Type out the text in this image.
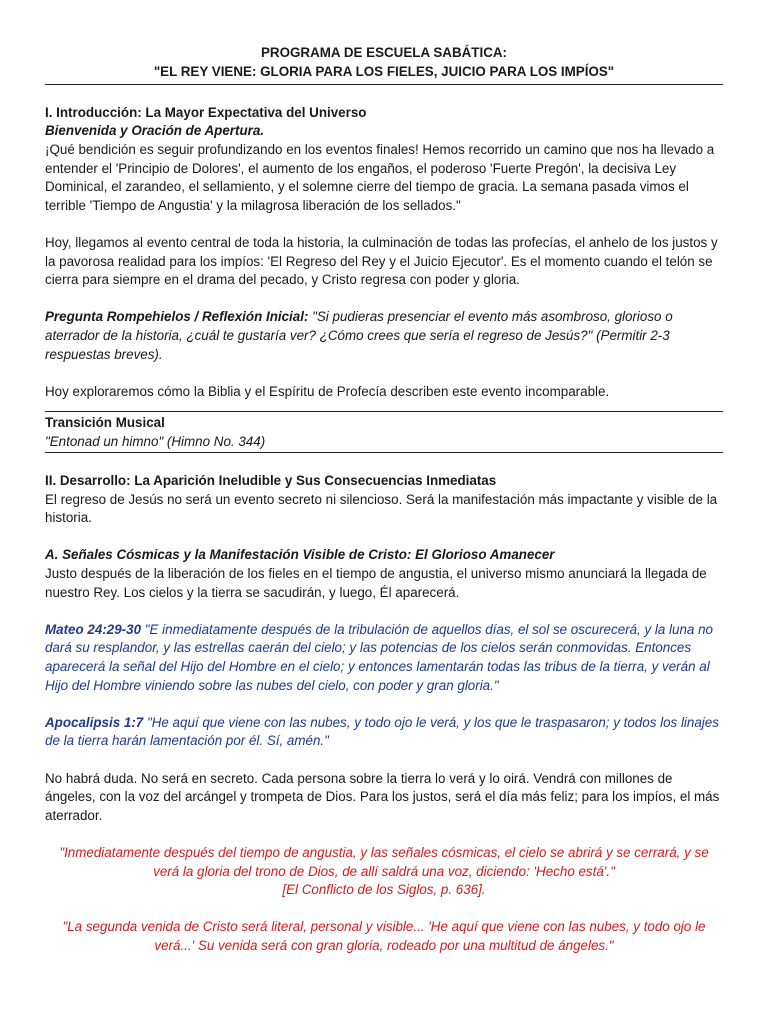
PROGRAMA DE ESCUELA SABÁTICA:

"EL REY VIENE: GLORIA PARA LOS FIELES, JUICIO PARA LOS IMPÍOS"

I. Introducción: La Mayor Expectativa del Universo

Bienvenida y Oración de Apertura.

¡Qué bendición es seguir profundizando en los eventos finales! Hemos recorrido un camino que nos ha llevado a entender el 'Principio de Dolores', el aumento de los engaños, el poderoso 'Fuerte Pregón', la decisiva Ley Dominical, el zarandeo, el sellamiento, y el solemne cierre del tiempo de gracia. La semana pasada vimos el terrible 'Tiempo de Angustia' y la milagrosa liberación de los sellados."

Hoy, llegamos al evento central de toda la historia, la culminación de todas las profecías, el anhelo de los justos y la pavorosa realidad para los impíos: 'El Regreso del Rey y el Juicio Ejecutor'. Es el momento cuando el telón se cierra para siempre en el drama del pecado, y Cristo regresa con poder y gloria.

Pregunta Rompehielos / Reflexión Inicial: "Si pudieras presenciar el evento más asombroso, glorioso o aterrador de la historia, ¿cuál te gustaría ver? ¿Cómo crees que sería el regreso de Jesús?" (Permitir 2-3 respuestas breves).

Hoy exploraremos cómo la Biblia y el Espíritu de Profecía describen este evento incomparable.

Transición Musical

"Entonad un himno" (Himno No. 344)

II. Desarrollo: La Aparición Ineludible y Sus Consecuencias Inmediatas

El regreso de Jesús no será un evento secreto ni silencioso. Será la manifestación más impactante y visible de la historia.

A. Señales Cósmicas y la Manifestación Visible de Cristo: El Glorioso Amanecer

Justo después de la liberación de los fieles en el tiempo de angustia, el universo mismo anunciará la llegada de nuestro Rey. Los cielos y la tierra se sacudirán, y luego, Él aparecerá.

Mateo 24:29-30 "E inmediatamente después de la tribulación de aquellos días, el sol se oscurecerá, y la luna no dará su resplandor, y las estrellas caerán del cielo; y las potencias de los cielos serán conmovidas. Entonces aparecerá la señal del Hijo del Hombre en el cielo; y entonces lamentarán todas las tribus de la tierra, y verán al Hijo del Hombre viniendo sobre las nubes del cielo, con poder y gran gloria."

Apocalipsis 1:7 "He aquí que viene con las nubes, y todo ojo le verá, y los que le traspasaron; y todos los linajes de la tierra harán lamentación por él. Sí, amén."

No habrá duda. No será en secreto. Cada persona sobre la tierra lo verá y lo oirá. Vendrá con millones de ángeles, con la voz del arcángel y trompeta de Dios. Para los justos, será el día más feliz; para los impíos, el más aterrador.

"Inmediatamente después del tiempo de angustia, y las señales cósmicas, el cielo se abrirá y se cerrará, y se verá la gloria del trono de Dios, de allí saldrá una voz, diciendo: 'Hecho está'."

[El Conflicto de los Siglos, p. 636].

"La segunda venida de Cristo será literal, personal y visible... 'He aquí que viene con las nubes, y todo ojo le verá...' Su venida será con gran gloria, rodeado por una multitud de ángeles."
